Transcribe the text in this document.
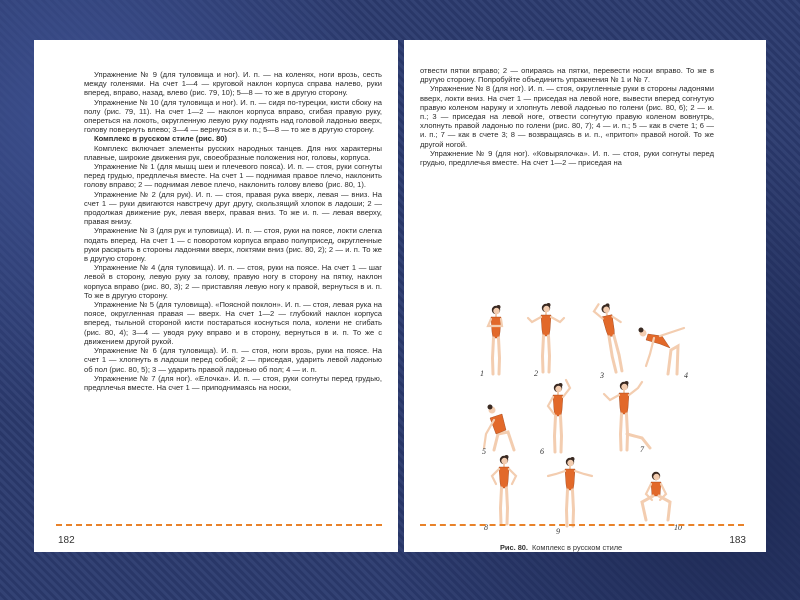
Упражнение № 9 (для туловища и ног). И. п. — на коленях, ноги врозь, сесть между голенями. На счет 1—4 — круговой наклон корпуса справа налево, руки вперед, вправо, назад, влево (рис. 79, 10); 5—8 — то же в другую сторону.

Упражнение № 10 (для туловища и ног). И. п. — сидя по-турецки, кисти сбоку на полу (рис. 79, 11). На счет 1—2 — наклон корпуса вправо, сгибая правую руку, опереться на локоть, округленную левую руку поднять над головой ладонью вверх, голову повернуть влево; 3—4 — вернуться в и. п.; 5—8 — то же в другую сторону.

Комплекс в русском стиле (рис. 80)

Комплекс включает элементы русских народных танцев. Для них характерны плавные, широкие движения рук, своеобразные положения ног, головы, корпуса.

Упражнение № 1 (для мышц шеи и плечевого пояса). И. п. — стоя, руки согнуты перед грудью, предплечья вместе. На счет 1 — поднимая правое плечо, наклонить голову вправо; 2 — поднимая левое плечо, наклонить голову влево (рис. 80, 1).

Упражнение № 2 (для рук). И. п. — стоя, правая рука вверх, левая — вниз. На счет 1 — руки двигаются навстречу друг другу, скользящий хлопок в ладоши; 2 — продолжая движение рук, левая вверх, правая вниз. То же и. п. — левая вверху, правая внизу.

Упражнение № 3 (для рук и туловища). И. п. — стоя, руки на поясе, локти слегка подать вперед. На счет 1 — с поворотом корпуса вправо полуприсед, округленные руки раскрыть в стороны ладонями вверх, локтями вниз (рис. 80, 2); 2 — и. п. То же в другую сторону.

Упражнение № 4 (для туловища). И. п. — стоя, руки на поясе. На счет 1 — шаг левой в сторону, левую руку за голову, правую ногу в сторону на пятку, наклон корпуса вправо (рис. 80, 3); 2 — приставляя левую ногу к правой, вернуться в и. п. То же в другую сторону.

Упражнение № 5 (для туловища). «Поясной поклон». И. п. — стоя, левая рука на поясе, округленная правая — вверх. На счет 1—2 — глубокий наклон корпуса вперед, тыльной стороной кисти постараться коснуться пола, колени не сгибать (рис. 80, 4); 3—4 — уводя руку вправо и в сторону, вернуться в и. п. То же с движением другой рукой.

Упражнение № 6 (для туловища). И. п. — стоя, ноги врозь, руки на поясе. На счет 1 — хлопнуть в ладоши перед собой; 2 — приседая, ударить левой ладонью об пол (рис. 80, 5); 3 — ударить правой ладонью об пол; 4 — и. п.

Упражнение № 7 (для ног). «Елочка». И. п. — стоя, руки согнуты перед грудью, предплечья вместе. На счет 1 — приподнимаясь на носки,

182

отвести пятки вправо; 2 — опираясь на пятки, перевести носки вправо. То же в другую сторону. Попробуйте объединить упражнения № 1 и № 7.

Упражнение № 8 (для ног). И. п. — стоя, округленные руки в стороны ладонями вверх, локти вниз. На счет 1 — приседая на левой ноге, вывести вперед согнутую правую коленом наружу и хлопнуть левой ладонью по голени (рис. 80, 6); 2 — и. п.; 3 — приседая на левой ноге, отвести согнутую правую коленом вовнутрь, хлопнуть правой ладонью по голени (рис. 80, 7); 4 — и. п.; 5 — как в счете 1; 6 — и. п.; 7 — как в счете 3; 8 — возвращаясь в и. п., «притоп» правой ногой. То же другой ногой.

Упражнение № 9 (для ног). «Ковырялочка». И. п. — стоя, руки согнуты перед грудью, предплечья вместе. На счет 1—2 — приседая на

1	2	3	4
5	6	7
8	9	10
Рис. 80. Комплекс в русском стиле
183
